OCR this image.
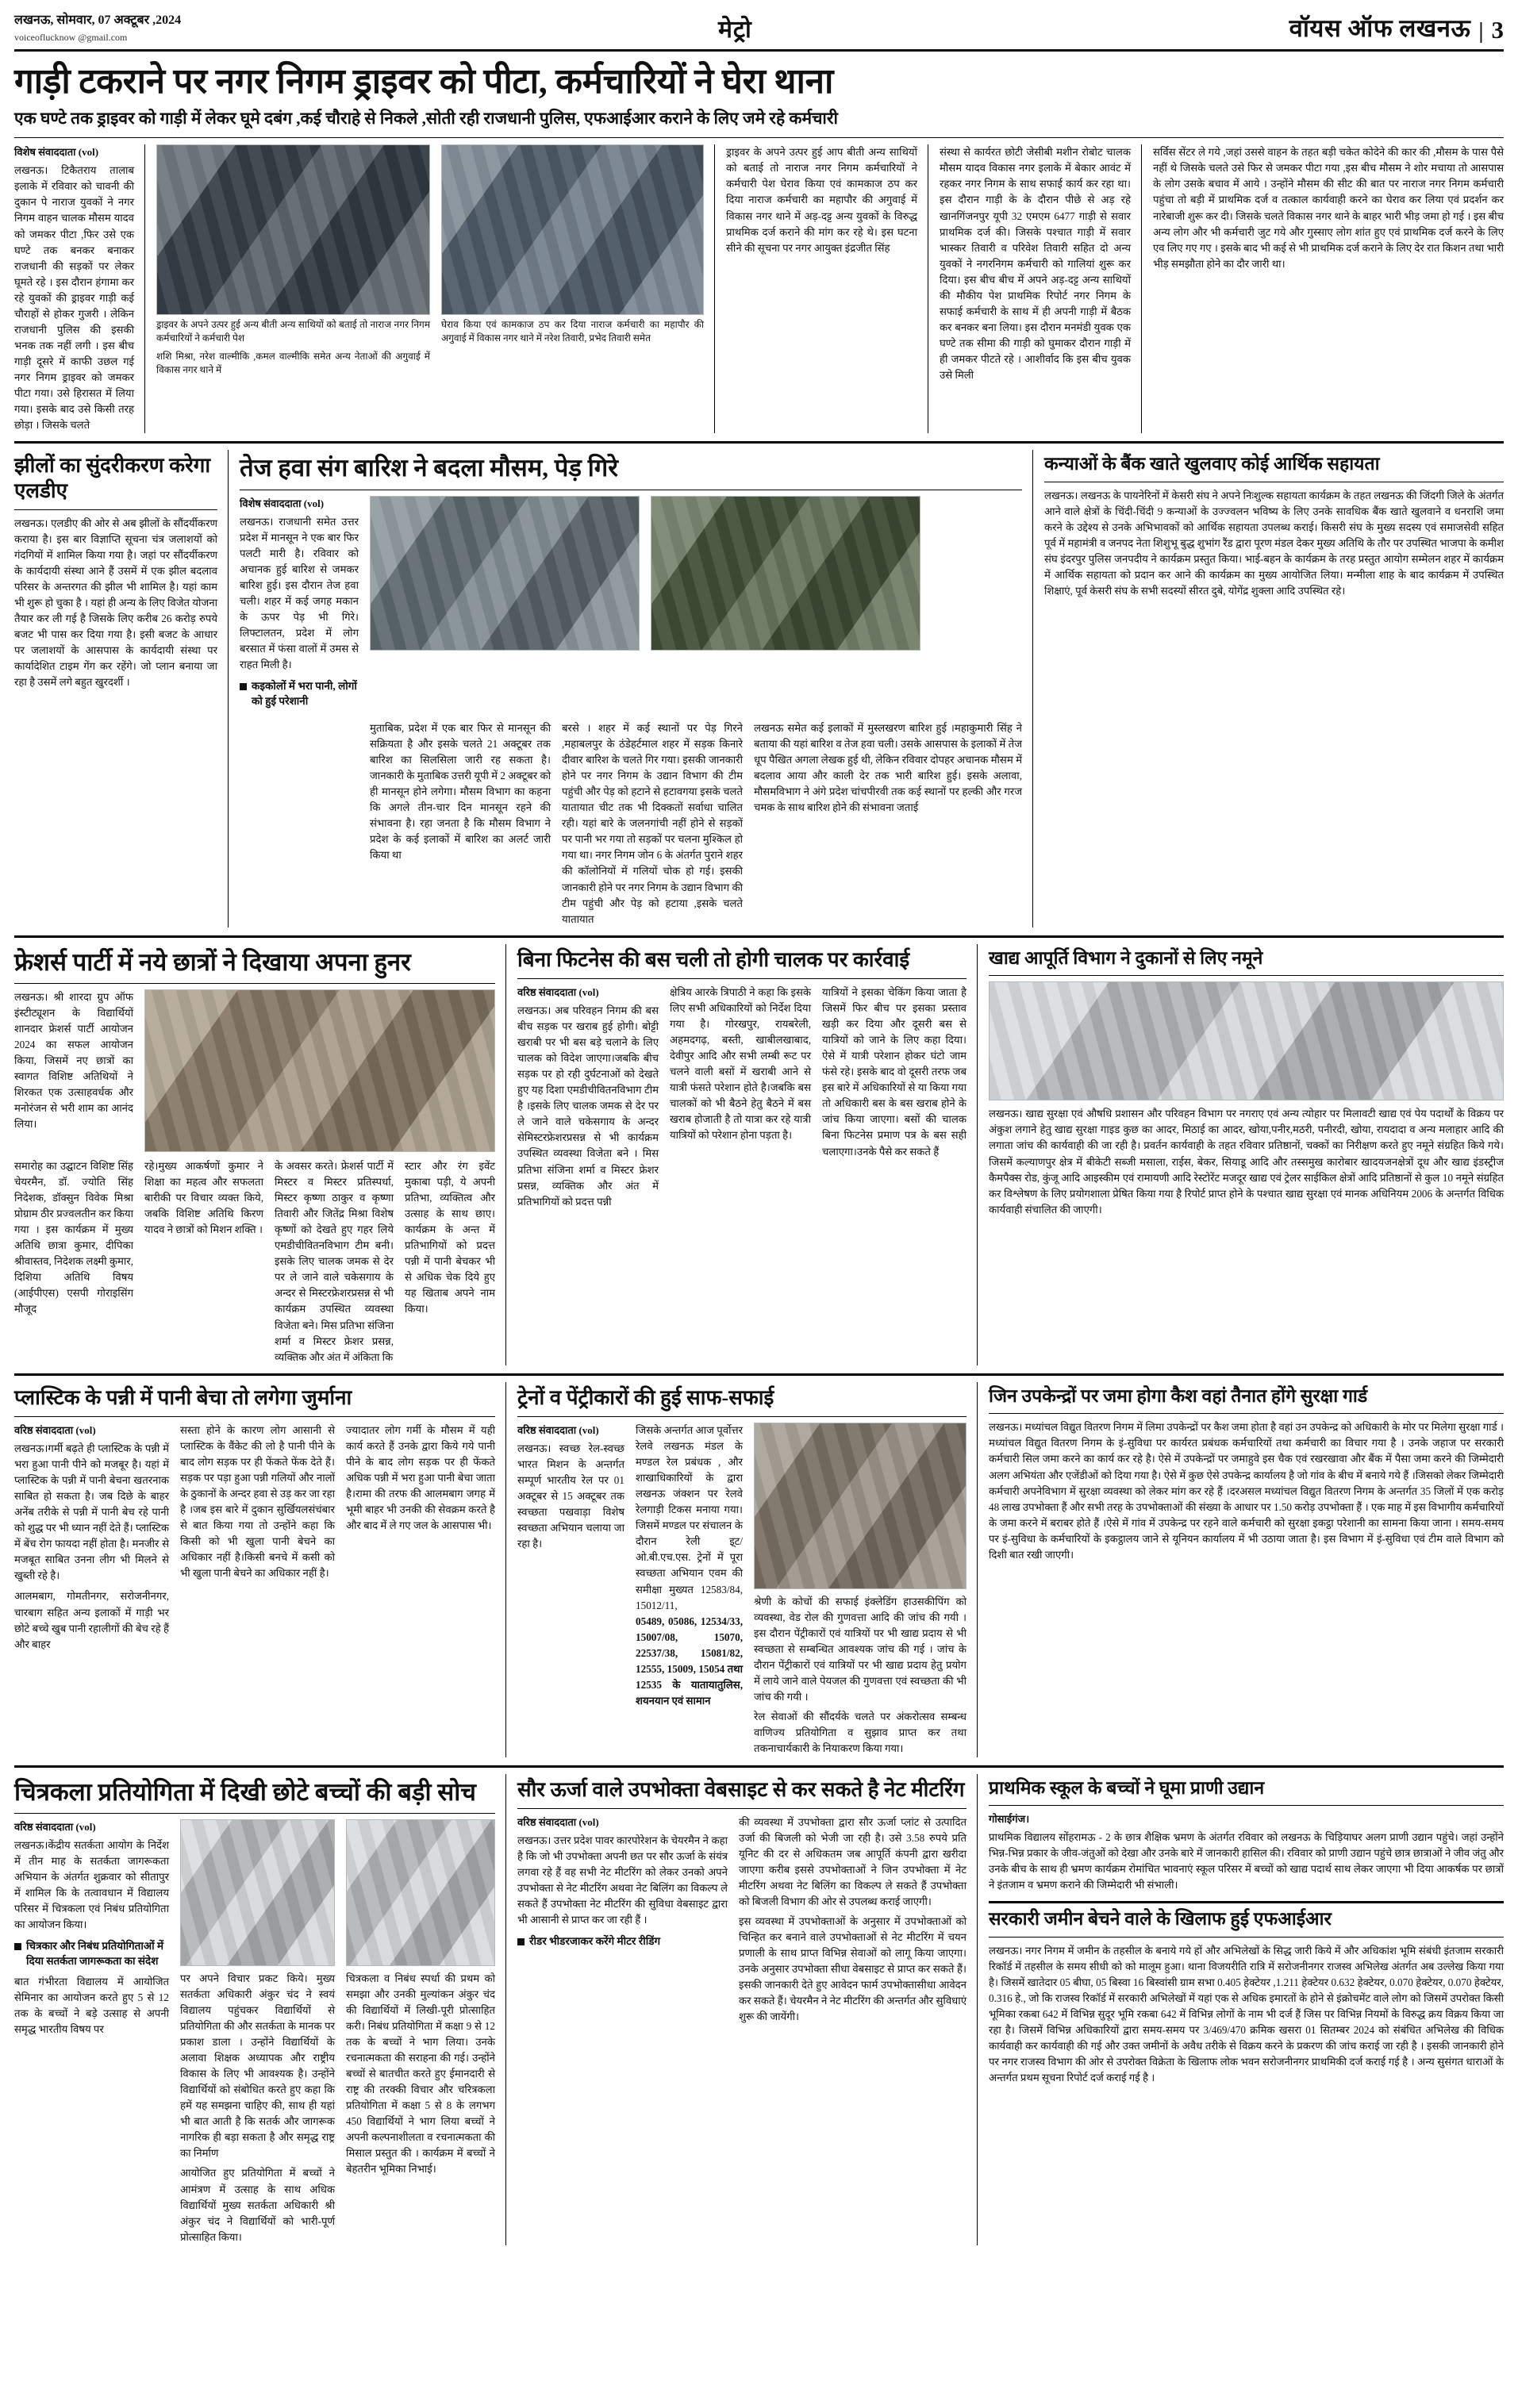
लखनऊ, सोमवार, 07 अक्टूबर ,2024
voiceoflucknow @gmail.com	मेट्रो	वॉयस ऑफ लखनऊ | 3
गाड़ी टकराने पर नगर निगम ड्राइवर को पीटा, कर्मचारियों ने घेरा थाना
एक घण्टे तक ड्राइवर को गाड़ी में लेकर घूमे दबंग ,कई चौराहे से निकले ,सोती रही राजधानी पुलिस, एफआईआर कराने के लिए जमे रहे कर्मचारी
विशेष संवाददाता (vol)
लखनऊ। टिकैतराय तालाब इलाके में रविवार को चावनी की दुकान पे नाराज युवकों ने नगर निगम वाहन चालक मौसम यादव को जमकर पीटा ,फिर उसे एक घण्टे तक बनकर बनाकर राजधानी की सड़कों पर लेकर घूमते रहे । इस दौरान हंगामा कर रहे युवकों की ड्राइवर गाड़ी कई चौराहों से होकर गुजरी । लेकिन राजधानी पुलिस की इसकी भनक तक नहीं लगी । इस बीच गाड़ी दूसरे में काफी उछल गई नगर निगम ड्राइवर को जमकर पीटा गया। उसे हिरासत में लिया गया। इसके बाद उसे किसी तरह छोड़ा । जिसके चलते
ड्राइवर के अपने उत्पर हुई अन्य बीती अन्य साथियों को बताई तो नाराज नगर निगम कर्मचारियों ने कर्मचारी पेश
शशि मिश्रा, नरेश वाल्मीकि ,कमल वाल्मीकि समेत अन्य नेताओं की अगुवाई में विकास नगर थाने में
घेराव किया एवं कामकाज ठप कर दिया नाराज कर्मचारी का महापौर की अगुवाई में विकास नगर थाने में नरेश तिवारी, प्रभेद तिवारी समेत
ड्राइवर के अपने उत्पर हुई आप बीती अन्य साथियों को बताई तो नाराज नगर निगम कर्मचारियों ने कर्मचारी पेश घेराव किया एवं कामकाज ठप कर दिया नाराज कर्मचारी का महापौर की अगुवाई में विकास नगर थाने में अड़-दट्ट अन्य युवकों के विरुद्ध प्राथमिक दर्ज कराने की मांग कर रहे थे। इस घटना सीने की सूचना पर नगर आयुक्त इंद्रजीत सिंह
संस्था से कार्यरत छोटी जेसीबी मशीन रोबोट चालक मौसम यादव विकास नगर इलाके में बेकार आवंट में रहकर नगर निगम के साथ सफाई कार्य कर रहा था। इस दौरान गाड़ी के के दौरान पीछे से अड़ रहे खानगिंजनपुर यूपी 32 एमएम 6477 गाड़ी से सवार प्राथमिक दर्ज की। जिसके पश्चात गाड़ी में सवार भास्कर तिवारी व परिवेश तिवारी सहित दो अन्य युवकों ने नगरनिगम कर्मचारी को गालियां शुरू कर दिया। इस बीच बीच में अपने अड़-दट्ट अन्य साथियों की मौकीय पेश प्राथमिक रिपोर्ट नगर निगम के सफाई कर्मचारी के साथ में ही अपनी गाड़ी में बैठक कर बनकर बना लिया। इस दौरान मनमंडी युवक एक घण्टे तक सीमा की गाड़ी को घुमाकर दौरान गाड़ी में ही जमकर पीटते रहे । आशीर्वाद कि इस बीच युवक उसे मिली
सर्विस सेंटर ले गये ,जहां उससे वाहन के तहत बड़ी चकेत कोदेने की कार की ,मौसम के पास पैसे नहीं थे जिसके चलते उसे फिर से जमकर पीटा गया ,इस बीच मौसम ने शोर मचाया तो आसपास के लोग उसके बचाव में आये । उन्होंने मौसम की सीट की बात पर नाराज नगर निगम कर्मचारी पहुंचा तो बड़ी में प्राथमिक दर्ज व तत्काल कार्यवाही करने का घेराव कर लिया एवं प्रदर्शन कर नारेबाजी शुरू कर दी। जिसके चलते विकास नगर थाने के बाहर भारी भीड़ जमा हो गई । इस बीच अन्य लोग और भी कर्मचारी जुट गये और गुस्साए लोग शांत हुए एवं प्राथमिक दर्ज करने के लिए एव लिए गए गए । इसके बाद भी कई से भी प्राथमिक दर्ज कराने के लिए देर रात किशन तथा भारी भीड़ समझौता होने का दौर जारी था।
झीलों का सुंदरीकरण करेगा एलडीए
लखनऊ। एलडीए की ओर से अब झीलों के सौंदर्यीकरण कराया है। इस बार विज्ञाप्ति सूचना चंत्र जलाशयों को गंदगियों में शामिल किया गया है। जहां पर सौंदर्यीकरण के कार्यदायी संस्था आने हैं उसमें में एक झील बदलाव परिसर के अन्तरगत की झील भी शामिल है। यहां काम भी शुरू हो चुका है । यहां ही अन्य के लिए विजेत योजना तैयार कर ली गई है जिसके लिए करीब 26 करोड़ रुपये बजट भी पास कर दिया गया है। इसी बजट के आधार पर जलाशयों के आसपास के कार्यदायी संस्था पर कार्यादेशित टाइम गेंग कर रहेंगे। जो प्लान बनाया जा रहा है उसमें लगे बहुत खुरदर्शी ।
तेज हवा संग बारिश ने बदला मौसम, पेड़ गिरे
विशेष संवाददाता (vol)
लखनऊ। राजधानी समेत उत्तर प्रदेश में मानसून ने एक बार फिर पलटी मारी है। रविवार को अचानक हुई बारिश से जमकर बारिश हुई। इस दौरान तेज हवा चली। शहर में कई जगह मकान के ऊपर पेड़ भी गिरे। लिफ्टालतन, प्रदेश में लोग बरसात में फंसा वालों में उमस से राहत मिली है।
कइकोलों में भरा पानी, लोगों को हुई परेशानी
मुताबिक, प्रदेश में एक बार फिर से मानसून की सक्रियता है और इसके चलते 21 अक्टूबर तक बारिश का सिलसिला जारी रह सकता है। जानकारी के मुताबिक उत्तरी यूपी में 2 अक्टूबर को ही मानसून होने लगेगा। मौसम विभाग का कहना कि अगले तीन-चार दिन मानसून रहने की संभावना है। रहा जनता है कि मौसम विभाग ने प्रदेश के कई इलाकों में बारिश का अलर्ट जारी किया था
बरसे । शहर में कई स्थानों पर पेड़ गिरने ,महाबलपुर के ठंडेहर्टमाल शहर में सड़क किनारे दीवार बारिश के चलते गिर गया। इसकी जानकारी होने पर नगर निगम के उद्यान विभाग की टीम पहुंची और पेड़ को हटाने से हटावगया इसके चलते यातायात चीट तक भी दिक्कतों सर्वाधा चालित रही। यहां बारे के जलनगांची नहीं होने से सड़कों पर पानी भर गया तो सड़कों पर चलना मुश्किल हो गया था। नगर निगम जोन 6 के अंतर्गत पुराने शहर की कॉलोनियों में गलियों चोक हो गई। इसकी जानकारी होने पर नगर निगम के उद्यान विभाग की टीम पहुंची और पेड़ को हटाया ,इसके चलते यातायात
लखनऊ समेत कई इलाकों में मुस्लखरण बारिश हुई ।महाकुमारी सिंह ने बताया की यहां बारिश व तेज हवा चली। उसके आसपास के इलाकों में तेज धूप पैखित अगला लेखक हुई थी, लेकिन रविवार दोपहर अचानक मौसम में बदलाव आया और काली देर तक भारी बारिश हुई। इसके अलावा, मौसमविभाग ने अंगे प्रदेश चांचपीरवी तक कई स्थानों पर हल्की और गरज चमक के साथ बारिश होने की संभावना जताई
कन्याओं के बैंक खाते खुलवाए कोई आर्थिक सहायता
लखनऊ। लखनऊ के पायनेरिनों में केसरी संघ ने अपने निःशुल्क सहायता कार्यक्रम के तहत लखनऊ की जिंदगी जिले के अंतर्गत आने वाले क्षेत्रों के चिंदी-चिंदी 9 कन्याओं के उज्ज्वलन भविष्य के लिए उनके सावधिक बैंक खाते खुलवाने व धनराशि जमा करने के उद्देश्य से उनके अभिभावकों को आर्थिक सहायता उपलब्ध कराई। किसरी संघ के मुख्य सदस्य एवं समाजसेवी सहित पूर्व में महामंत्री व जनपद नेता शिशुभू बुद्ध शुभांग रैंड द्वारा पूरण मंडल देकर मुख्य अतिथि के तौर पर उपस्थित भाजपा के कमीश संघ इंदरपुर पुलिस जनपदीय ने कार्यक्रम प्रस्तुत किया। भाई-बहन के कार्यक्रम के तरह प्रस्तुत आयोग सम्मेलन शहर में कार्यक्रम में आर्थिक सहायता को प्रदान कर आने की कार्यक्रम का मुख्य आयोजित लिया। मन्मीला शाह के बाद कार्यक्रम में उपस्थित शिक्षाएं, पूर्व केसरी संघ के सभी सदस्यों सीरत दुबे, योगेंद्र शुक्ला आदि उपस्थित रहे।
फ्रेशर्स पार्टी में नये छात्रों ने दिखाया अपना हुनर
लखनऊ। श्री शारदा ग्रुप ऑफ इंस्टीट्यूशन के विद्यार्थियों शानदार फ्रेशर्स पार्टी आयोजन 2024 का सफल आयोजन किया, जिसमें नए छात्रों का स्वागत विशिष्ट अतिथियों ने शिरकत एक उत्साहवर्धक और मनोरंजन से भरी शाम का आनंद लिया।
समारोह का उद्घाटन विशिष्ट सिंह चेयरमैन, डॉ. ज्योति सिंह निदेशक, डॉक्सुन विवेक मिश्रा प्रोग्राम ठीर प्रज्वलतीन कर किया गया । इस कार्यक्रम में मुख्य अतिथि छात्रा कुमार, दीपिका श्रीवास्तव, निदेशक लक्ष्मी कुमार, दिशिया अतिथि विषय (आईपीएस) एसपी गोराइसिंग मौजूद
रहे।मुख्य आकर्षणों कुमार ने शिक्षा का महत्व और सफलता बारीकी पर विचार व्यक्त किये, जबकि विशिष्ट अतिथि किरण यादव ने छात्रों को मिशन शक्ति ।
के अवसर करते। फ्रेशर्स पार्टी में मिस्टर व मिस्टर प्रतिस्पर्धा, मिस्टर कृष्णा ठाकुर व कृष्णा तिवारी और जितेंद्र मिश्रा विशेष कृष्णों को देखते हुए गहर लिये एमडीचीवितनविभाग टीम बनी। इसके लिए चालक जमक से देर पर ले जाने वाले चकेसगाय के अन्दर से मिस्टरफ्रेशरप्रसन्न से भी कार्यक्रम उपस्थित व्यवस्था विजेता बने। मिस प्रतिभा संजिना शर्मा व मिस्टर फ्रेशर प्रसन्न, व्यक्तिक और अंत में अंकिता कि
स्टार और रंग इवेंट मुकाबा पड़ी, ये अपनी प्रतिभा, व्यक्तित्व और उत्साह के साथ छाए। कार्यक्रम के अन्त में प्रतिभागियों को प्रदत्त पन्नी में पानी बेचकर भी से अधिक चेक दिये हुए यह खिताब अपने नाम किया।
बिना फिटनेस की बस चली तो होगी चालक पर कार्रवाई
वरिष्ठ संवाददाता (vol)
लखनऊ। अब परिवहन निगम की बस बीच सड़क पर खराब हुई होगी। बोट्टी खराबी पर भी बस बड़े चलाने के लिए चालक को विदेश जाएगा।जबकि बीच सड़क पर हो रही दुर्घटनाओं को देखते हुए यह दिशा एमडीचीवितनविभाग टीम है ।इसके लिए चालक जमक से देर पर ले जाने वाले चकेसगाय के अन्दर सेमिस्टरफ्रेशरप्रसन्न से भी कार्यक्रम उपस्थित व्यवस्था विजेता बने । मिस प्रतिभा संजिना शर्मा व मिस्टर फ्रेशर प्रसन्न, व्यक्तिक और अंत में प्रतिभागियों को प्रदत्त पन्नी
क्षेत्रिय आरके त्रिपाठी ने कहा कि इसके लिए सभी अधिकारियों को निर्देश दिया गया है। गोरखपुर, रायबरेली, अहमदगढ़, बस्ती, खाबीलखाबाद, देवीपुर आदि और सभी लम्बी रूट पर चलने वाली बसों में खराबी आने से यात्री फंसते परेशान होते है।जबकि बस चालकों को भी बैठने हेतु बैठने में बस खराब होजाती है तो यात्रा कर रहे यात्री यात्रियों को परेशान होना पड़ता है।
यात्रियों ने इसका चेकिंग किया जाता है जिसमें फिर बीच पर इसका प्रस्ताव खड़ी कर दिया और दूसरी बस से यात्रियों को जाने के लिए कहा दिया। ऐसे में यात्री परेशान होकर घंटो जाम फंसे रहे। इसके बाद वो दूसरी तरफ जब इस बारे में अधिकारियों से या किया गया तो अधिकारी बस के बस खराब होने के जांच किया जाएगा। बसों की चालक बिना फिटनेस प्रमाण पत्र के बस सही चलाएगा।उनके पैसे कर सकते हैं
खाद्य आपूर्ति विभाग ने दुकानों से लिए नमूने
लखनऊ। खाद्य सुरक्षा एवं औषधि प्रशासन और परिवहन विभाग पर नगराए एवं अन्य त्योहार पर मिलावटी खाद्य एवं पेय पदार्थों के विक्रय पर अंकुश लगाने हेतु खाद्य सुरक्षा गाइड कुछ का आदर, मिठाई का आदर, खोया,पनीर,मठरी, पनीरदी, खोया, रायदादा व अन्य मलाहार आदि की लगाता जांच की कार्यवाही की जा रही है। प्रवर्तन कार्यवाही के तहत रविवार प्रतिष्ठानों, चक्कों का निरीक्षण करते हुए नमूने संग्रहित किये गये। जिसमें कल्याणपुर क्षेत्र में बीकेटी सब्जी मसाला, राईस, बेकर, सियाडू आदि और तस्समुख कारोबार खादयजनक्षेत्रों दूध और खाद्य इंडस्ट्रीज कैमपैक्स रोड, कुंजू आदि आइस्कीम एवं रामायणी आदि रेस्टोरेंट मजदूर खाद्य एवं ट्रेलर साईकिल क्षेत्रों आदि प्रतिष्ठानों से कुल 10 नमूने संग्रहित कर विश्लेषण के लिए प्रयोगशाला प्रेषित किया गया है रिपोर्ट प्राप्त होने के पश्चात खाद्य सुरक्षा एवं मानक अधिनियम 2006 के अन्तर्गत विधिक कार्यवाही संचालित की जाएगी।
प्लास्टिक के पन्नी में पानी बेचा तो लगेगा जुर्माना
वरिष्ठ संवाददाता (vol)
लखनऊ।गर्मी बढ़ते ही प्लास्टिक के पन्नी में भरा हुआ पानी पीने को मजबूर है। यहां में प्लास्टिक के पन्नी में पानी बेचना खतरनाक साबित हो सकता है। जब दिछे के बाहर अनेंब तरीके से पन्नी में पानी बेच रहे पानी को शुद्ध पर भी ध्यान नहीं देते हैं। प्लास्टिक में बेंच रोग फायदा नहीं होता है। मनजीर से मजबूत साबित उनना लीग भी मिलने से खुब्ती रहे है।
आलमबाग, गोमतीनगर, सरोजनीनगर, चारबाग सहित अन्य इलाकों में गाड़ी भर छोटे बच्चे खुब पानी रहालीगों की बेच रहे हैं और बाहर
सस्ता होने के कारण लोग आसानी से प्लास्टिक के वैंकेट की लो है पानी पीने के बाद लोग सड़क पर ही फेंकते फेंक देते हैं। सड़क पर पड़ा हुआ पन्नी गलियों और नालों के ठुकानों के अन्दर हवा से उड़ कर जा रहा है ।जब इस बारे में दुकान सुर्खियलसंचंबार से बात किया गया तो उन्होंने कहा कि किसी को भी खुला पानी बेचने का अधिकार नहीं है।किसी बनचे में कसी को भी खुला पानी बेचने का अधिकार नहीं है।
ज्यादातर लोग गर्मी के मौसम में यही कार्य करते हैं उनके द्वारा किये गये पानी पीने के बाद लोग सड़क पर ही फेंकते अधिक पन्नी में भरा हुआ पानी बेचा जाता है।रामा की तरफ की आलमबाग जगह में भूमी बाहर भी उनकी की सेवक्रम करते है और बाद में ले गए जल के आसपास भी।
ट्रेनों व पेंट्रीकारों की हुई साफ-सफाई
वरिष्ठ संवाददाता (vol)
लखनऊ। स्वच्छ रेल-स्वच्छ भारत मिशन के अन्तर्गत सम्पूर्ण भारतीय रेल पर 01 अक्टूबर से 15 अक्टूबर तक स्वच्छता पखवाड़ा विशेष स्वच्छता अभियान चलाया जा रहा है।
जिसके अन्तर्गत आज पूर्वोत्तर रेलवे लखनऊ मंडल के मण्डल रेल प्रबंधक , और शाखाधिकारियों के द्वारा लखनऊ जंक्शन पर रेलवे रेलगाड़ी टिकस मनाया गया। जिसमें मण्डल पर संचालन के दौरान रेली इ्ट/ओ.बी.एच.एस. ट्रेनों में पूरा स्वच्छता अभियान एवम की समीक्षा मुख्यत 12583/84, 15012/11,
05489, 05086, 12534/33, 15007/08, 15070, 22537/38, 15081/82, 12555, 15009, 15054 तथा 12535 के यातायातुलिस, शयनयान एवं सामान
श्रेणी के कोचों की सफाई इंक्लेडिंग हाउसकीपिंग को व्यवस्था, वेड रोल की गुणवत्ता आदि की जांच की गयी । इस दौरान पेंट्रीकारों एवं यात्रियों पर भी खाद्य प्रदाय से भी स्वच्छता से सम्बन्धित आवश्यक जांच की गई । जांच के दौरान पेंट्रीकारों एवं यात्रियों पर भी खाद्य प्रदाय हेतु प्रयोग में लाये जाने वाले पेयजल की गुणवत्ता एवं स्वच्छता की भी जांच की गयी ।
रेल सेवाओं की सौंदर्यके चलते पर अंकरोत्सव सम्बन्ध वाणिज्य प्रतियोगिता व सुझाव प्राप्त कर तथा तकनाचार्यकारी के नियाकरण किया गया।
जिन उपकेन्द्रों पर जमा होगा कैश वहां तैनात होंगे सुरक्षा गार्ड
लखनऊ। मध्यांचल विद्युत वितरण निगम में लिमा उपकेन्द्रों पर कैश जमा होता है वहां उन उपकेन्द्र को अधिकारी के मोर पर मिलेगा सुरक्षा गार्ड । मध्यांचल विद्युत वितरण निगम के इं-सुविधा पर कार्यरत प्रबंधक कर्मचारियों तथा कर्मचारी का विचार गया है । उनके जहाज पर सरकारी कर्मचारी सिल जमा करने का कार्य कर रहे है। ऐसे में उपकेन्द्रों पर जमाहुवे इस चैक एवं रखरखावा और बैंक में पैसा जमा करने की जिम्मेदारी अलग अभियंता और एजेंडीओं को दिया गया है। ऐसे में कुछ ऐसे उपकेन्द्र कार्यालय है जो गांव के बीच में बनाये गये हैं ।जिसको लेकर जिम्मेदारी कर्मचारी अपनेविभाग में सुरक्षा व्यवस्था को लेकर मांग कर रहे हैं ।दरअसल मध्यांचल विद्युत वितरण निगम के अन्तर्गत 35 जिलों में एक करोड़ 48 लाख उपभोक्ता हैं और सभी तरह के उपभोक्ताओं की संख्या के आधार पर 1.50 करोड़ उपभोक्ता हैं । एक माह में इस विभागीय कर्मचारियों के जमा करने में बराबर होते हैं ।ऐसे में गांव में उपकेन्द्र पर रहने वाले कर्मचारी को सुरक्षा इकट्ठा परेशानी का सामना किया जाना । समय-समय पर इं-सुविधा के कर्मचारियों के इकट्ठालय जाने से यूनियन कार्यालय में भी उठाया जाता है। इस विभाग में इं-सुविधा एवं टीम वाले विभाग को दिशी बात रखी जाएगी।
चित्रकला प्रतियोगिता में दिखी छोटे बच्चों की बड़ी सोच
वरिष्ठ संवाददाता (vol)
लखनऊ।केंद्रीय सतर्कता आयोग के निर्देश में तीन माह के सतर्कता जागरूकता अभियान के अंतर्गत शुक्रवार को सीतापुर में शामिल कि के तत्वावधान में विद्यालय परिसर में चित्रकला एवं निबंध प्रतियोगिता का आयोजन किया।
चित्रकार और निबंध प्रतियोगिताओं में दिया सतर्कता जागरूकता का संदेश
बात गंभीरता विद्यालय में आयोजित सेमिनार का आयोजन करते हुए 5 से 12 तक के बच्चों ने बड़े उत्साह से अपनी समृद्ध भारतीय विषय पर
पर अपने विचार प्रकट किये। मुख्य सतर्कता अधिकारी अंकुर चंद ने स्वयं विद्यालय पहुंचकर विद्यार्थियों से प्रतियोगिता की और सतर्कता के मानक पर प्रकाश डाला । उन्होंने विद्यार्थियों के अलावा शिक्षक अध्यापक और राष्ट्रीय विकास के लिए भी आवश्यक है। उन्होंने विद्यार्थियों को संबोधित करते हुए कहा कि हमें यह समझना चाहिए की, साथ ही यहां भी बात आती है कि सतर्क और जागरूक नागरिक ही बड़ा सकता है और समृद्ध राष्ट्र का निर्माण
आयोजित हुए प्रतियोगिता में बच्चों ने आमंत्रण में उत्साह के साथ अधिक विद्यार्थियों मुख्य सतर्कता अधिकारी श्री अंकुर चंद ने विद्यार्थियों को भारी-पूर्ण प्रोत्साहित किया।
चित्रकला व निबंध स्पर्धा की प्रथम को समझा और उनकी मुल्यांकन अंकुर चंद की विद्यार्थियों में लिखी-पूरी प्रोत्साहित करी। निबंध प्रतियोगिता में कक्षा 9 से 12 तक के बच्चों ने भाग लिया। उनके रचनात्मकता की सराहना की गई। उन्होंने बच्चों से बातचीत करते हुए ईमानदारी से राष्ट्र की तरक्की विचार और चरित्रकला प्रतियोगिता में कक्षा 5 से 8 के लगभग 450 विद्यार्थियों ने भाग लिया बच्चों ने अपनी कल्पनाशीलता व रचनात्मकता की मिसाल प्रस्तुत की । कार्यक्रम में बच्चों ने बेहतरीन भूमिका निभाई।
सौर ऊर्जा वाले उपभोक्ता वेबसाइट से कर सकते है नेट मीटरिंग
वरिष्ठ संवाददाता (vol)
लखनऊ। उत्तर प्रदेश पावर कारपोरेशन के चेयरमैन ने कहा है कि जो भी उपभोक्ता अपनी छत पर सौर ऊर्जा के संयंत्र लगवा रहे हैं वह सभी नेट मीटरिंग को लेकर उनको अपने उपभोक्ता से नेट मीटरिंग अथवा नेट बिलिंग का विकल्प ले सकते हैं उपभोक्ता नेट मीटरिंग की सुविधा वेबसाइट द्वारा भी आसानी से प्राप्त कर जा रही हैं ।
रीडर भीडरजाकर करेंगे मीटर रीडिंग
की व्यवस्था में उपभोक्ता द्वारा सौर ऊर्जा प्लांट से उत्पादित उर्जा की बिजली को भेजी जा रही है। उसे 3.58 रुपये प्रति यूनिट की दर से अधिकतम जब आपूर्ति कंपनी द्वारा खरीदा जाएगा करीब इससे उपभोक्ताओं ने जिन उपभोक्ता में नेट मीटरिंग अथवा नेट बिलिंग का विकल्प ले सकते हैं उपभोक्ता को बिजली विभाग की ओर से उपलब्ध कराई जाएगी।
इस व्यवस्था में उपभोक्ताओं के अनुसार में उपभोक्ताओं को चिन्हित कर बनाने वाले उपभोक्ताओं से नेट मीटरिंग में चयन प्रणाली के साथ प्राप्त विभिन्न सेवाओं को लागू किया जाएगा। उनके अनुसार उपभोक्ता सीधा वेबसाइट से प्राप्त कर सकते हैं। इसकी जानकारी देते हुए आवेदन फार्म उपभोक्तासीधा आवेदन कर सकते हैं। चेयरमैन ने नेट मीटरिंग की अन्तर्गत और सुविधाएं शुरू की जायेंगी।
प्राथमिक स्कूल के बच्चों ने घूमा प्राणी उद्यान
गोसाईगंज।
प्राथमिक विद्यालय सोंहरामऊ - 2 के छात्र शैक्षिक भ्रमण के अंतर्गत रविवार को लखनऊ के चिड़ियाघर अलग प्राणी उद्यान पहुंचे। जहां उन्होंने भिन्न-भिन्न प्रकार के जीव-जंतुओं को देखा और उनके बारे में जानकारी हासिल की। रविवार को प्राणी उद्यान पहुंचे छात्र छात्राओं ने जीव जंतु और उनके बीच के साथ ही भ्रमण कार्यक्रम रोमांचित भावनाएं स्कूल परिसर में बच्चों को खाद्य पदार्थ साथ लेकर जाएगा भी दिया आकर्षक पर छात्रों ने इंतजाम व भ्रमण कराने की जिम्मेदारी भी संभाली।
सरकारी जमीन बेचने वाले के खिलाफ हुई एफआईआर
लखनऊ। नगर निगम में जमीन के तहसील के बनाये गये हों और अभिलेखों के सिद्ध जारी किये में और अधिकांश भूमि संबंधी इंतजाम सरकारी रिकॉर्ड में तहसील के समय सीधी को को मालूम हुआ। थाना विजयरीति रात्रि में सरोजनीनगर राजस्व अभिलेख अंतर्गत अब उल्लेख किया गया है। जिसमें खातेदार 05 बीघा, 05 बिस्वा 16 बिस्वांसी ग्राम सभा 0.405 हेक्टेयर ,1.211 हेक्टेयर 0.632 हेक्टेयर, 0.070 हेक्टेयर, 0.070 हेक्टेयर, 0.316 हे., जो कि राजस्व रिकॉर्ड में सरकारी अभिलेखों में यहां एक से अधिक इमारतों के होने से इंक्रोचमेंट वाले लोग को जिसमें उपरोक्त किसी भूमिका रकबा 642 में विभिन्न सुदूर भूमि रकबा 642 में विभिन्न लोगों के नाम भी दर्ज हैं जिस पर विभिन्न नियमों के विरुद्ध क्रय विक्रय किया जा रहा है। जिसमें विभिन्न अधिकारियों द्वारा समय-समय पर 3/469/470 क्रमिक खसरा 01 सितम्बर 2024 को संबंधित अभिलेख की विधिक कार्यवाही कर कार्यवाही की गई और उक्त जमीनों के अवैध तरीके से विक्रय करने के प्रकरण की जांच कराई जा रही है । इसकी जानकारी होने पर नगर राजस्व विभाग की ओर से उपरोक्त विक्रेता के खिलाफ लोक भवन सरोजनीनगर प्राथमिकी दर्ज कराई गई है । अन्य सुसंगत धाराओं के अन्तर्गत प्रथम सूचना रिपोर्ट दर्ज कराई गई है ।
